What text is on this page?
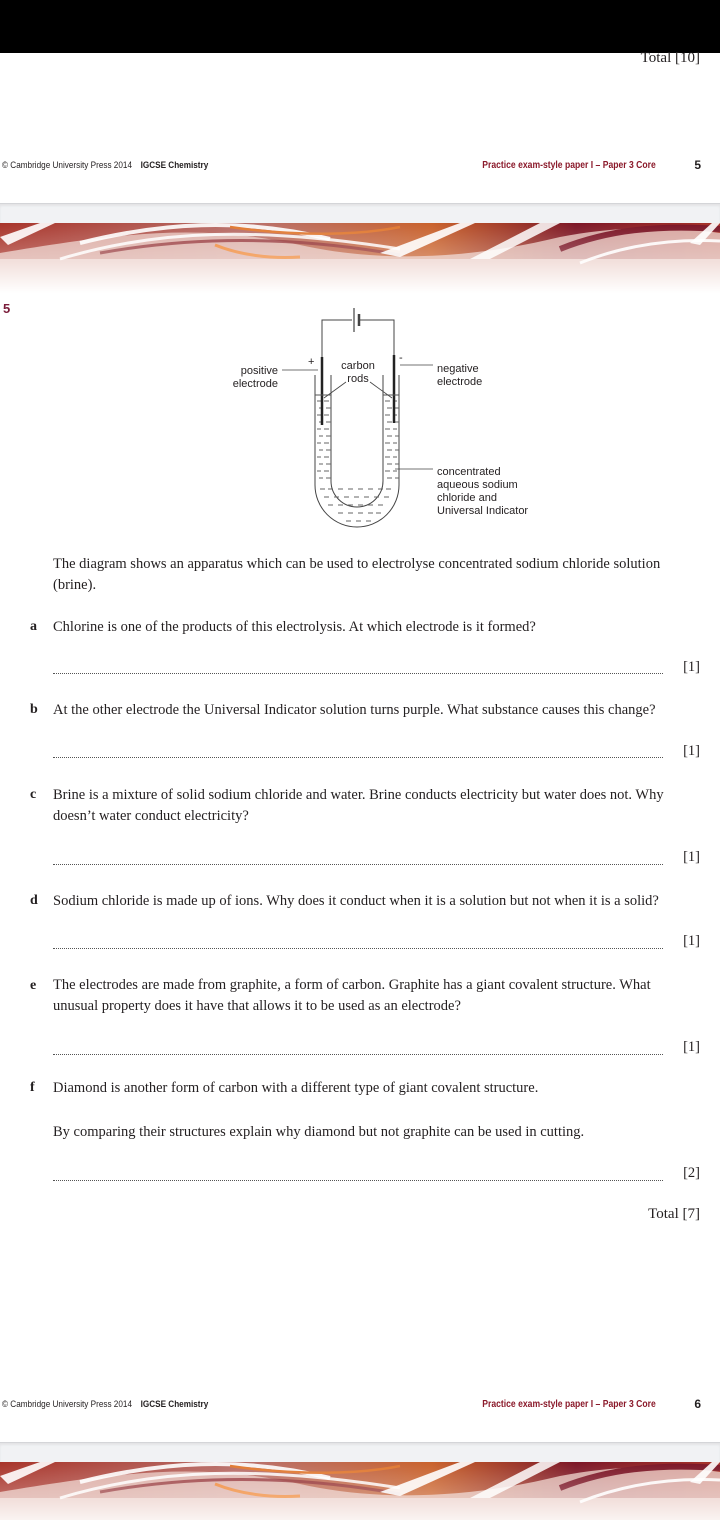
Total [10]
© Cambridge University Press 2014 IGCSE Chemistry	Practice exam-style paper I – Paper 3 Core	5
5
positive
electrode
+	-
carbon
rods
negative
electrode
concentrated
aqueous sodium
chloride and
Universal Indicator
The diagram shows an apparatus which can be used to electrolyse concentrated sodium chloride solution
(brine).
a Chlorine is one of the products of this electrolysis. At which electrode is it formed?
[1]
b At the other electrode the Universal Indicator solution turns purple. What substance causes this change?
[1]
c Brine is a mixture of solid sodium chloride and water. Brine conducts electricity but water does not. Why
doesn’t water conduct electricity?
[1]
d Sodium chloride is made up of ions. Why does it conduct when it is a solution but not when it is a solid?
[1]
e The electrodes are made from graphite, a form of carbon. Graphite has a giant covalent structure. What
unusual property does it have that allows it to be used as an electrode?
[1]
f Diamond is another form of carbon with a different type of giant covalent structure.
By comparing their structures explain why diamond but not graphite can be used in cutting.
[2]
Total [7]
© Cambridge University Press 2014 IGCSE Chemistry	Practice exam-style paper I – Paper 3 Core	6
